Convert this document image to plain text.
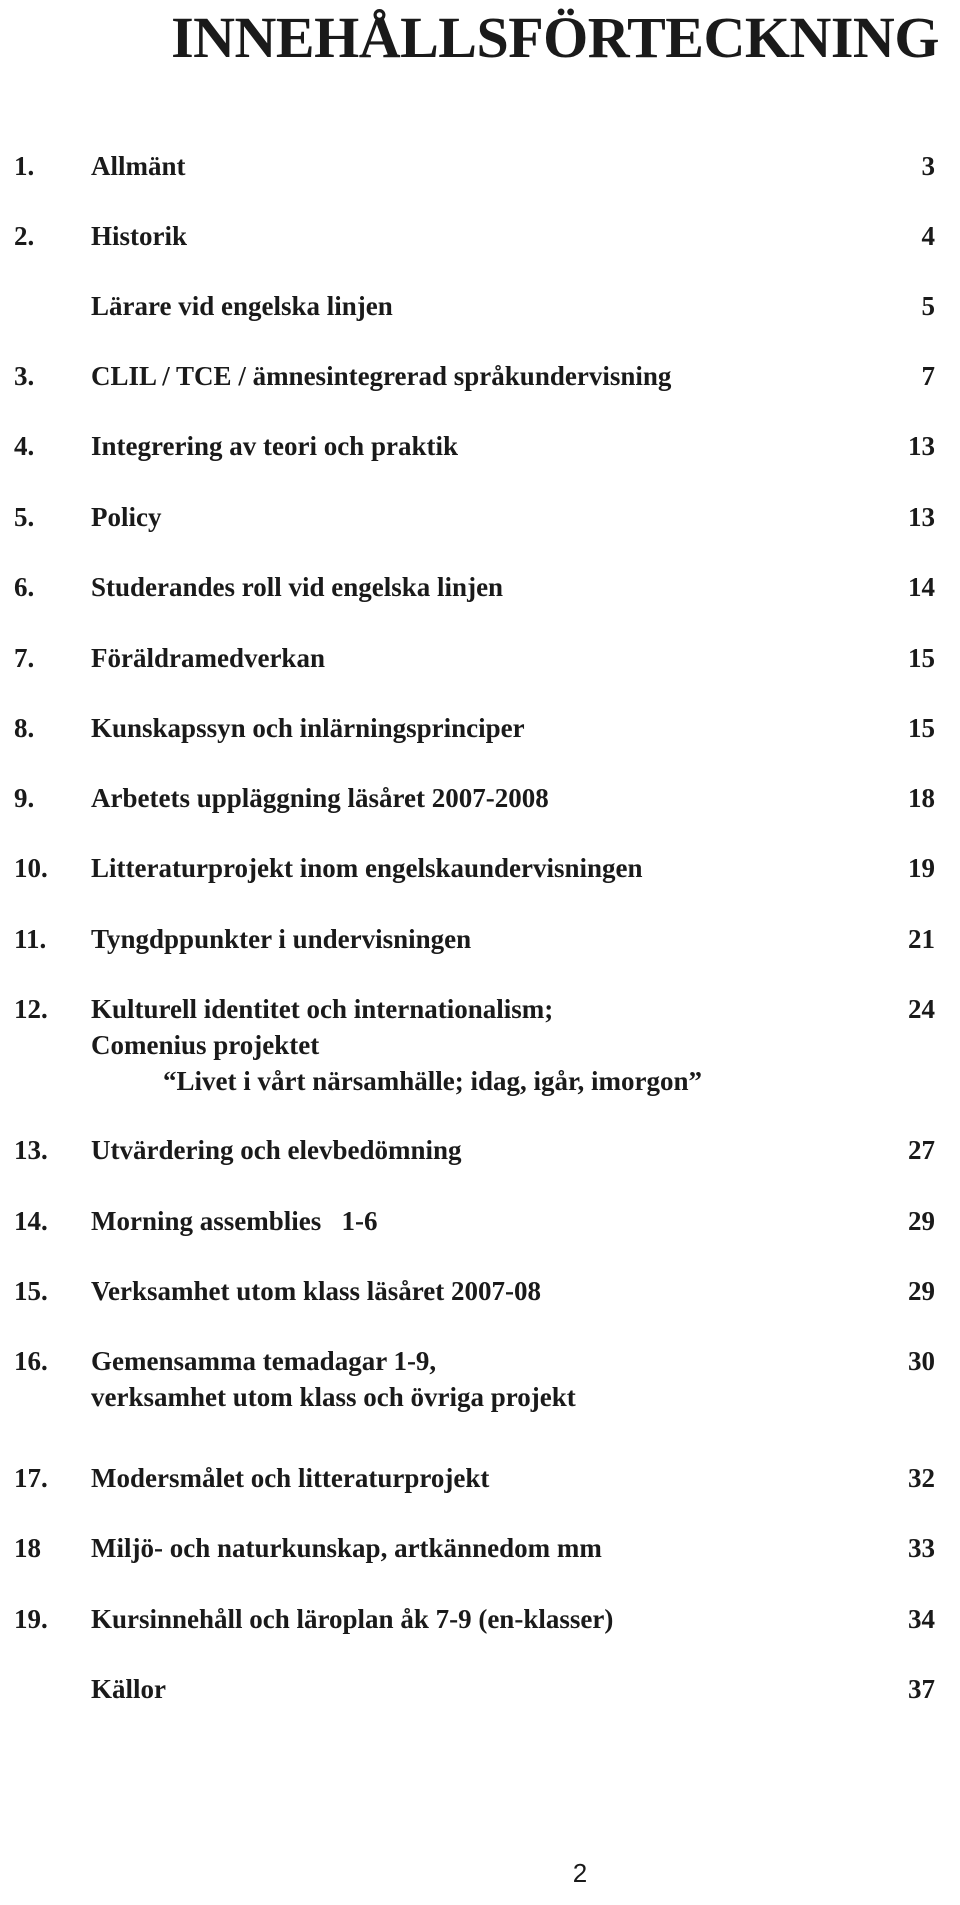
INNEHÅLLSFÖRTECKNING
1. Allmänt	3
2. Historik	4
Lärare vid engelska linjen	5
3. CLIL / TCE / ämnesintegrerad språkundervisning	7
4. Integrering av teori och praktik	13
5. Policy	13
6. Studerandes roll vid engelska linjen	14
7. Föräldramedverkan	15
8. Kunskapssyn och inlärningsprinciper	15
9. Arbetets uppläggning läsåret 2007-2008	18
10. Litteraturprojekt inom engelskaundervisningen	19
11. Tyngdppunkter i undervisningen	21
12. Kulturell identitet och internationalism;	24
Comenius projektet
“Livet i vårt närsamhälle; idag, igår, imorgon”
13. Utvärdering och elevbedömning	27
14. Morning assemblies   1-6	29
15. Verksamhet utom klass läsåret 2007-08	29
16. Gemensamma temadagar 1-9,	30
verksamhet utom klass och övriga projekt
17. Modersmålet och litteraturprojekt	32
18 Miljö- och naturkunskap, artkännedom mm	33
19. Kursinnehåll och läroplan åk 7-9 (en-klasser)	34
Källor	37
2
